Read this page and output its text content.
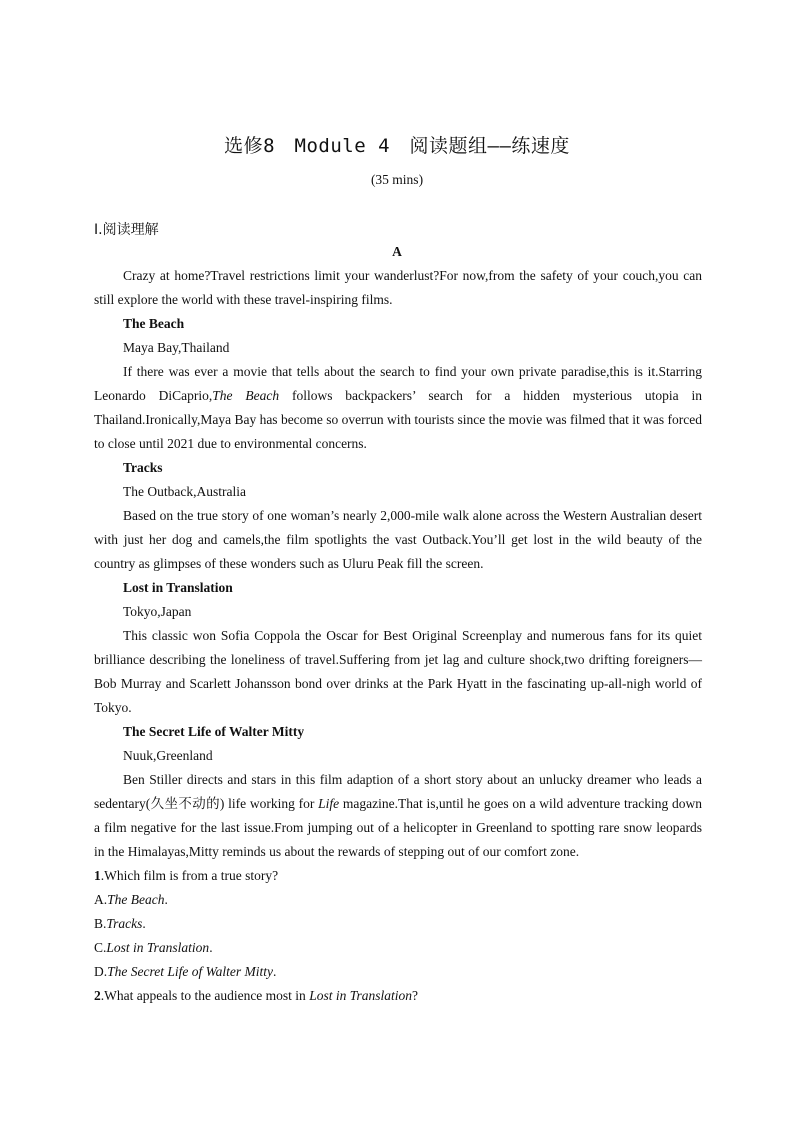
选修8　Module 4　阅读题组——练速度
(35 mins)
Ⅰ.阅读理解
A

Crazy at home?Travel restrictions limit your wanderlust?For now,from the safety of your couch,you can still explore the world with these travel-inspiring films.

The Beach

Maya Bay,Thailand

If there was ever a movie that tells about the search to find your own private paradise,this is it.Starring Leonardo DiCaprio,The Beach follows backpackers’ search for a hidden mysterious utopia in Thailand.Ironically,Maya Bay has become so overrun with tourists since the movie was filmed that it was forced to close until 2021 due to environmental concerns.

Tracks

The Outback,Australia

Based on the true story of one woman’s nearly 2,000-mile walk alone across the Western Australian desert with just her dog and camels,the film spotlights the vast Outback.You’ll get lost in the wild beauty of the country as glimpses of these wonders such as Uluru Peak fill the screen.

Lost in Translation

Tokyo,Japan

This classic won Sofia Coppola the Oscar for Best Original Screenplay and numerous fans for its quiet brilliance describing the loneliness of travel.Suffering from jet lag and culture shock,two drifting foreigners—Bob Murray and Scarlett Johansson bond over drinks at the Park Hyatt in the fascinating up-all-nigh world of Tokyo.

The Secret Life of Walter Mitty

Nuuk,Greenland

Ben Stiller directs and stars in this film adaption of a short story about an unlucky dreamer who leads a sedentary(久坐不动的) life working for Life magazine.That is,until he goes on a wild adventure tracking down a film negative for the last issue.From jumping out of a helicopter in Greenland to spotting rare snow leopards in the Himalayas,Mitty reminds us about the rewards of stepping out of our comfort zone.

1.Which film is from a true story?

A.The Beach.

B.Tracks.

C.Lost in Translation.

D.The Secret Life of Walter Mitty.

2.What appeals to the audience most in Lost in Translation?
